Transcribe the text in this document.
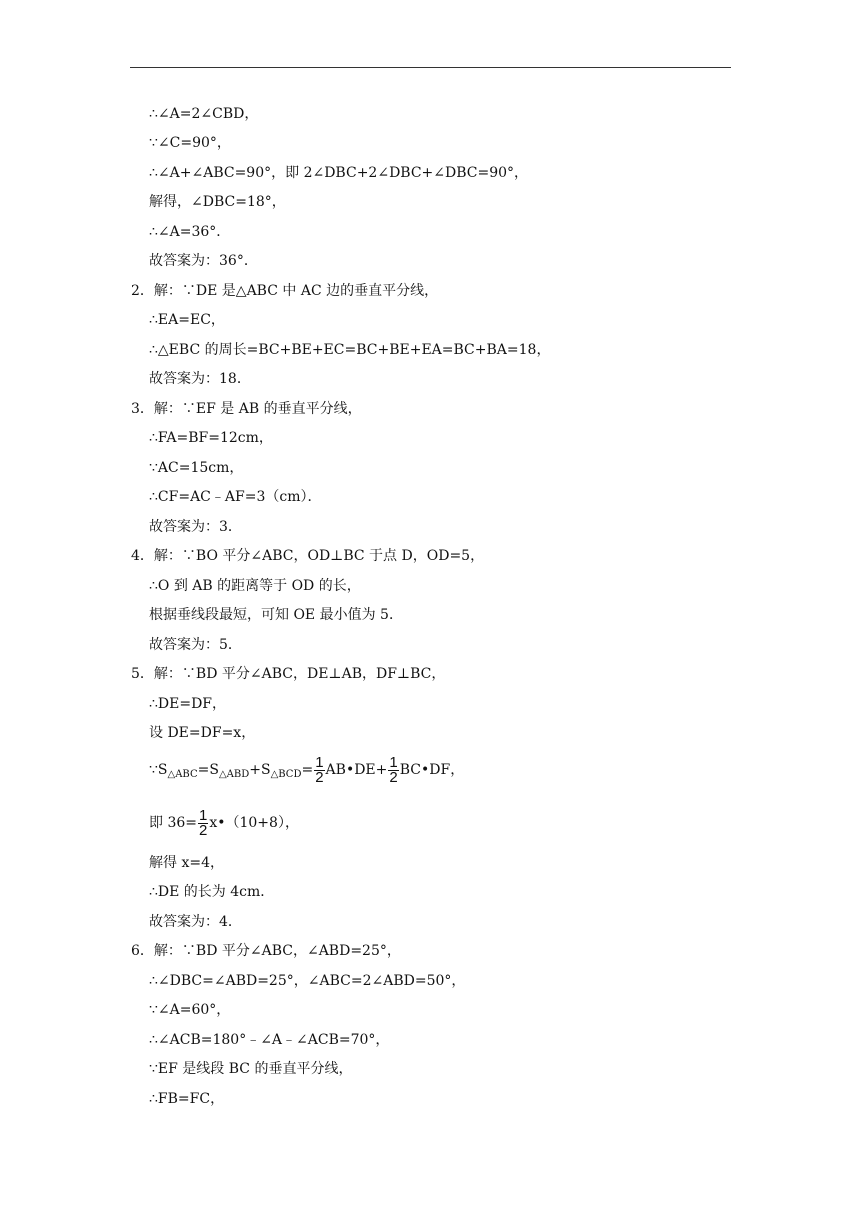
∴∠A=2∠CBD，
∵∠C=90°，
∴∠A+∠ABC=90°，即 2∠DBC+2∠DBC+∠DBC=90°，
解得，∠DBC=18°，
∴∠A=36°．
故答案为：36°．
2．解：∵DE 是△ABC 中 AC 边的垂直平分线，
∴EA=EC，
∴△EBC 的周长=BC+BE+EC=BC+BE+EA=BC+BA=18，
故答案为：18．
3．解：∵EF 是 AB 的垂直平分线，
∴FA=BF=12cm，
∵AC=15cm，
∴CF=AC﹣AF=3（cm）．
故答案为：3．
4．解：∵BO 平分∠ABC，OD⊥BC 于点 D，OD=5，
∴O 到 AB 的距离等于 OD 的长，
根据垂线段最短，可知 OE 最小值为 5．
故答案为：5．
5．解：∵BD 平分∠ABC，DE⊥AB，DF⊥BC，
∴DE=DF，
设 DE=DF=x，
$\because S_{\triangle ABC}=S_{\triangle ABD}+S_{\triangle BCD}= \frac{1}{2}$ AB•DE+ $\frac{1}{2}$ BC•DF，
即 $36= \frac{1}{2}$ x•（10+8），
解得 x=4，
∴DE 的长为 4cm．
故答案为：4．
6．解：∵BD 平分∠ABC，∠ABD=25°，
∴∠DBC=∠ABD=25°，∠ABC=2∠ABD=50°，
∵∠A=60°，
∴∠ACB=180°﹣∠A﹣∠ACB=70°，
∵EF 是线段 BC 的垂直平分线，
∴FB=FC，
